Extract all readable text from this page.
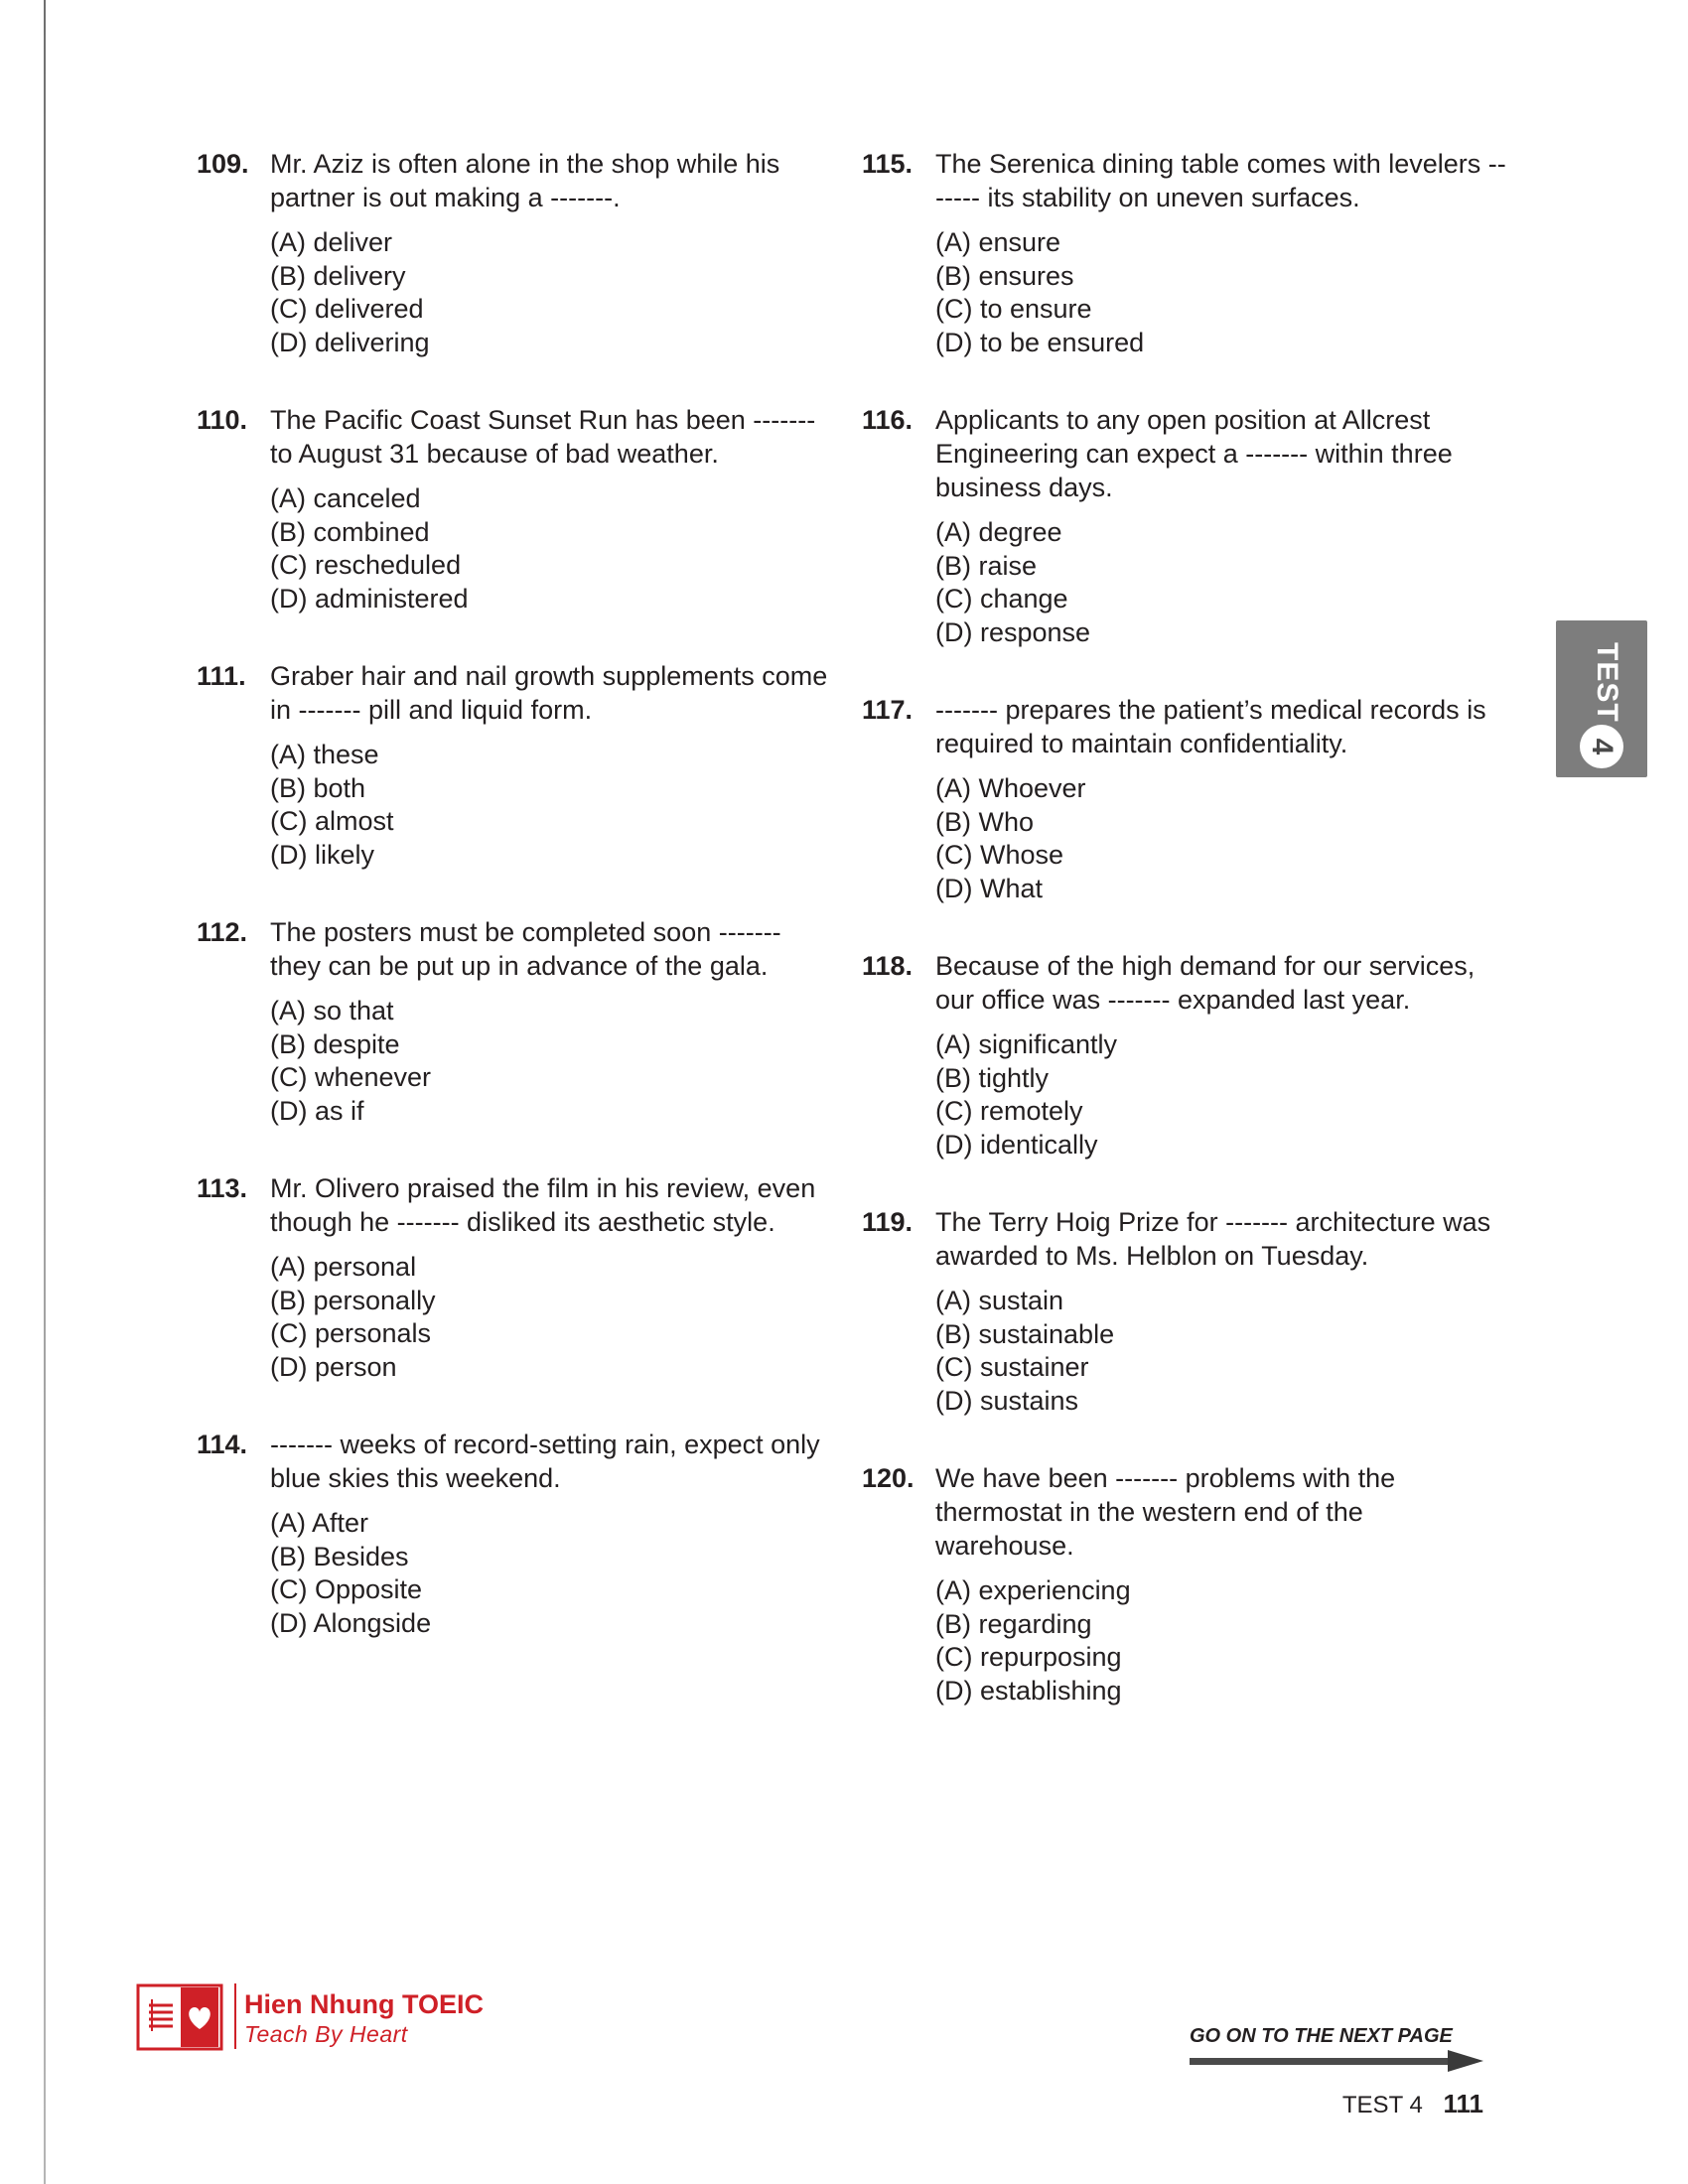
109. Mr. Aziz is often alone in the shop while his partner is out making a -------.
(A) deliver
(B) delivery
(C) delivered
(D) delivering
110. The Pacific Coast Sunset Run has been ------- to August 31 because of bad weather.
(A) canceled
(B) combined
(C) rescheduled
(D) administered
111. Graber hair and nail growth supplements come in ------- pill and liquid form.
(A) these
(B) both
(C) almost
(D) likely
112. The posters must be completed soon ------- they can be put up in advance of the gala.
(A) so that
(B) despite
(C) whenever
(D) as if
113. Mr. Olivero praised the film in his review, even though he ------- disliked its aesthetic style.
(A) personal
(B) personally
(C) personals
(D) person
114. ------- weeks of record-setting rain, expect only blue skies this weekend.
(A) After
(B) Besides
(C) Opposite
(D) Alongside
115. The Serenica dining table comes with levelers ------- its stability on uneven surfaces.
(A) ensure
(B) ensures
(C) to ensure
(D) to be ensured
116. Applicants to any open position at Allcrest Engineering can expect a ------- within three business days.
(A) degree
(B) raise
(C) change
(D) response
117. ------- prepares the patient’s medical records is required to maintain confidentiality.
(A) Whoever
(B) Who
(C) Whose
(D) What
118. Because of the high demand for our services, our office was ------- expanded last year.
(A) significantly
(B) tightly
(C) remotely
(D) identically
119. The Terry Hoig Prize for ------- architecture was awarded to Ms. Helblon on Tuesday.
(A) sustain
(B) sustainable
(C) sustainer
(D) sustains
120. We have been ------- problems with the thermostat in the western end of the warehouse.
(A) experiencing
(B) regarding
(C) repurposing
(D) establishing
TEST
4
Hien Nhung TOEIC
Teach By Heart	GO ON TO THE NEXT PAGE
TEST 4 111
